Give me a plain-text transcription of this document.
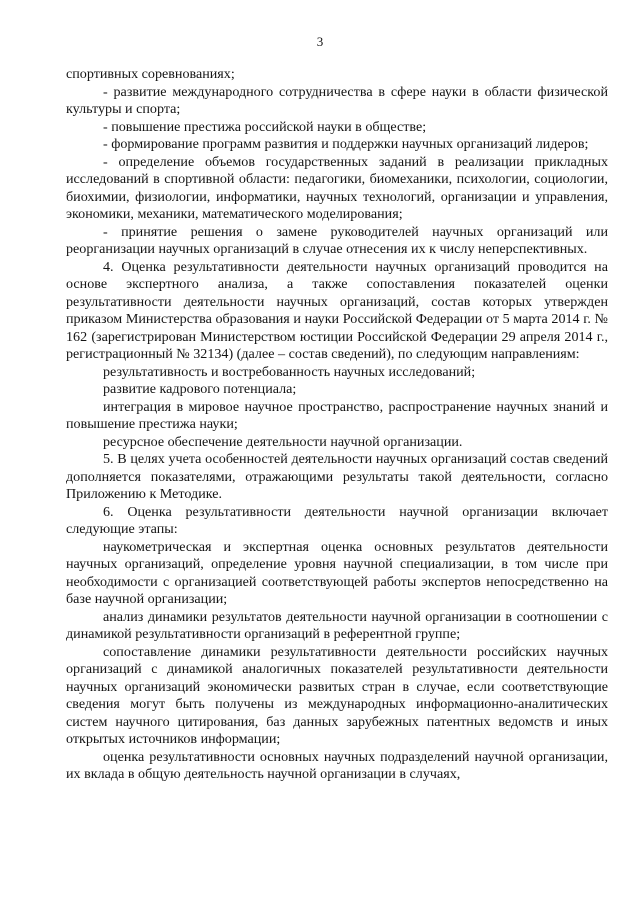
3

спортивных соревнованиях;

- развитие международного сотрудничества в сфере науки в области физической культуры и спорта;

- повышение престижа российской науки в обществе;

- формирование программ развития и поддержки научных организаций лидеров;

- определение объемов государственных заданий в реализации прикладных исследований в спортивной области: педагогики, биомеханики, психологии, социологии, биохимии, физиологии, информатики, научных технологий, организации и управления, экономики, механики, математического моделирования;

- принятие решения о замене руководителей научных организаций или реорганизации научных организаций в случае отнесения их к числу неперспективных.

4. Оценка результативности деятельности научных организаций проводится на основе экспертного анализа, а также сопоставления показателей оценки результативности деятельности научных организаций, состав которых утвержден приказом Министерства образования и науки Российской Федерации от 5 марта 2014 г. № 162 (зарегистрирован Министерством юстиции Российской Федерации 29 апреля 2014 г., регистрационный № 32134) (далее – состав сведений), по следующим направлениям:

результативность и востребованность научных исследований;

развитие кадрового потенциала;

интеграция в мировое научное пространство, распространение научных знаний и повышение престижа науки;

ресурсное обеспечение деятельности научной организации.

5. В целях учета особенностей деятельности научных организаций состав сведений дополняется показателями, отражающими результаты такой деятельности, согласно Приложению к Методике.

6. Оценка результативности деятельности научной организации включает следующие этапы:

наукометрическая и экспертная оценка основных результатов деятельности научных организаций, определение уровня научной специализации, в том числе при необходимости с организацией соответствующей работы экспертов непосредственно на базе научной организации;

анализ динамики результатов деятельности научной организации в соотношении с динамикой результативности организаций в референтной группе;

сопоставление динамики результативности деятельности российских научных организаций с динамикой аналогичных показателей результативности деятельности научных организаций экономически развитых стран в случае, если соответствующие сведения могут быть получены из международных информационно-аналитических систем научного цитирования, баз данных зарубежных патентных ведомств и иных открытых источников информации;

оценка результативности основных научных подразделений научной организации, их вклада в общую деятельность научной организации в случаях,
